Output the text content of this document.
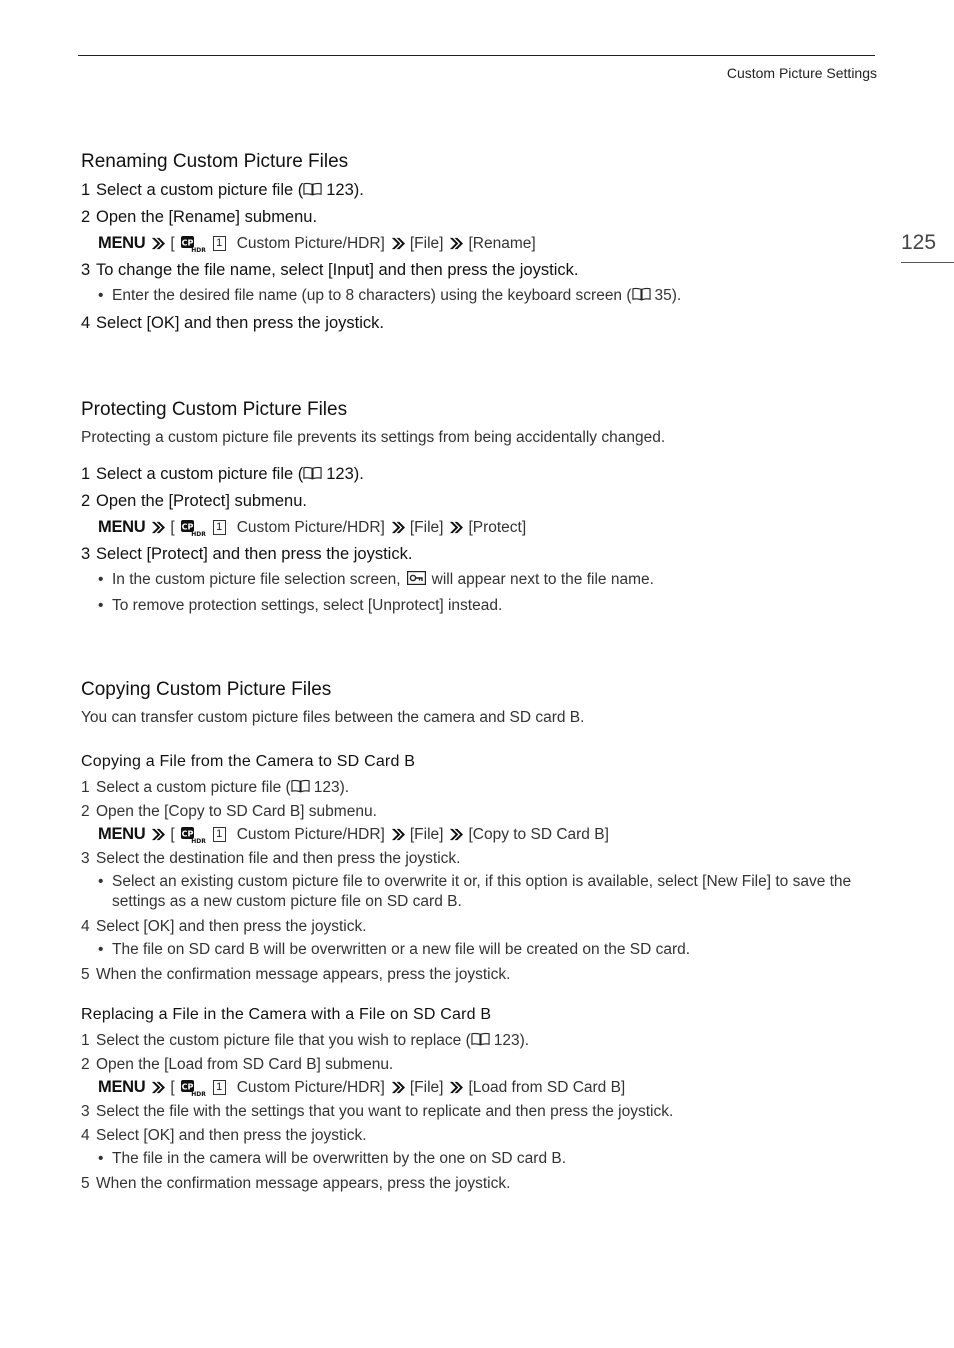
Custom Picture Settings
125
Renaming Custom Picture Files
1 Select a custom picture file ( 123).
2 Open the [Rename] submenu.
MENU [	1 Custom Picture/HDR] [File] [Rename]
3 To change the file name, select [Input] and then press the joystick.
• Enter the desired file name (up to 8 characters) using the keyboard screen ( 35).
4 Select [OK] and then press the joystick.
Protecting Custom Picture Files

Protecting a custom picture file prevents its settings from being accidentally changed.

1 Select a custom picture file ( 123).
2 Open the [Protect] submenu.
MENU [	1 Custom Picture/HDR] [File] [Protect]
3 Select [Protect] and then press the joystick.
• In the custom picture file selection screen, will appear next to the file name.
• To remove protection settings, select [Unprotect] instead.
Copying Custom Picture Files

You can transfer custom picture files between the camera and SD card B.

Copying a File from the Camera to SD Card B
1 Select a custom picture file ( 123).
2 Open the [Copy to SD Card B] submenu.
MENU [	1 Custom Picture/HDR] [File] [Copy to SD Card B]
3 Select the destination file and then press the joystick.
• Select an existing custom picture file to overwrite it or, if this option is available, select [New File] to save the settings as a new custom picture file on SD card B.
4 Select [OK] and then press the joystick.
• The file on SD card B will be overwritten or a new file will be created on the SD card.
5 When the confirmation message appears, press the joystick.
Replacing a File in the Camera with a File on SD Card B
1 Select the custom picture file that you wish to replace ( 123).
2 Open the [Load from SD Card B] submenu.
MENU [	1 Custom Picture/HDR] [File] [Load from SD Card B]
3 Select the file with the settings that you want to replicate and then press the joystick.
4 Select [OK] and then press the joystick.
• The file in the camera will be overwritten by the one on SD card B.
5 When the confirmation message appears, press the joystick.
